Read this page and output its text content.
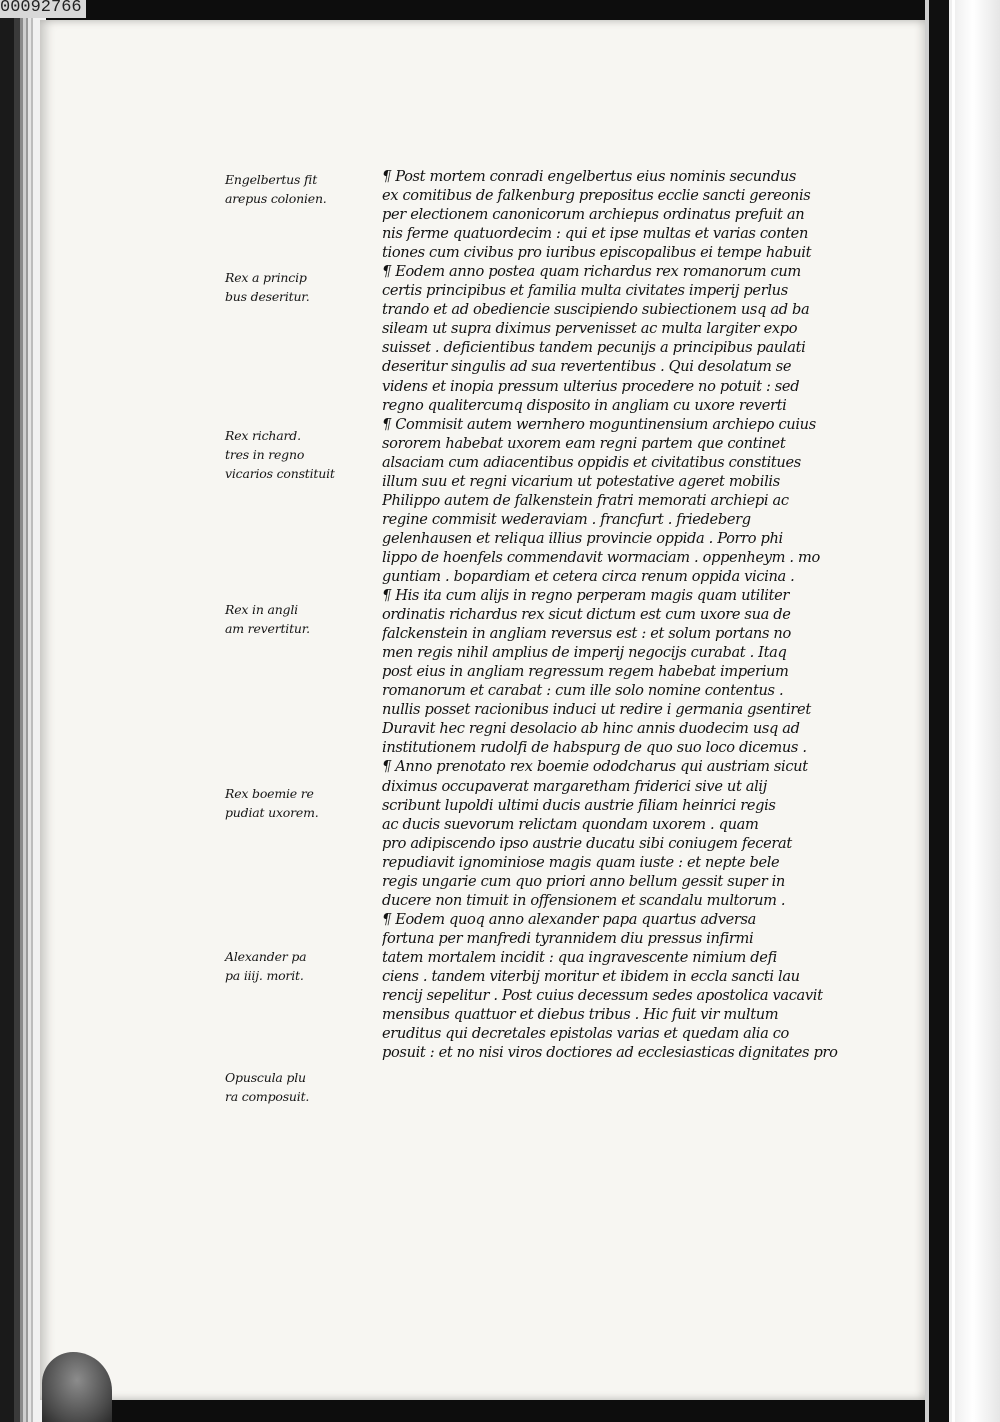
00092766
Engelbertus fit
arepus colonien.
Rex a princip
bus deseritur.
Rex richard.
tres in regno
vicarios constituit
Rex in angli
am revertitur.
Rex boemie re
pudiat uxorem.
Alexander pa
pa iiij. morit.
Opuscula plu
ra composuit.
¶ Post mortem conradi engelbertus eius nominis secundus
ex comitibus de falkenburg prepositus ecclie sancti gereonis
per electionem canonicorum archiepus ordinatus prefuit an
nis ferme quatuordecim : qui et ipse multas et varias conten
tiones cum civibus pro iuribus episcopalibus ei tempe habuit
¶ Eodem anno postea quam richardus rex romanorum cum
certis principibus et familia multa civitates imperij perlus
trando et ad obediencie suscipiendo subiectionem usq ad ba
sileam ut supra diximus pervenisset ac multa largiter expo
suisset . deficientibus tandem pecunijs a principibus paulati
deseritur singulis ad sua revertentibus . Qui desolatum se
videns et inopia pressum ulterius procedere no potuit : sed
regno qualitercumq disposito in angliam cu uxore reverti
¶ Commisit autem wernhero moguntinensium archiepo cuius
sororem habebat uxorem eam regni partem que continet
alsaciam cum adiacentibus oppidis et civitatibus constitues
illum suu et regni vicarium ut potestative ageret mobilis
Philippo autem de falkenstein fratri memorati archiepi ac
regine commisit wederaviam . francfurt . friedeberg
gelenhausen et reliqua illius provincie oppida . Porro phi
lippo de hoenfels commendavit wormaciam . oppenheym . mo
guntiam . bopardiam et cetera circa renum oppida vicina .
¶ His ita cum alijs in regno perperam magis quam utiliter
ordinatis richardus rex sicut dictum est cum uxore sua de
falckenstein in angliam reversus est : et solum portans no
men regis nihil amplius de imperij negocijs curabat . Itaq
post eius in angliam regressum regem habebat imperium
romanorum et carabat : cum ille solo nomine contentus .
nullis posset racionibus induci ut redire i germania gsentiret
Duravit hec regni desolacio ab hinc annis duodecim usq ad
institutionem rudolfi de habspurg de quo suo loco dicemus .
¶ Anno prenotato rex boemie ododcharus qui austriam sicut
diximus occupaverat margaretham friderici sive ut alij
scribunt lupoldi ultimi ducis austrie filiam heinrici regis
ac ducis suevorum relictam quondam uxorem . quam
pro adipiscendo ipso austrie ducatu sibi coniugem fecerat
repudiavit ignominiose magis quam iuste : et nepte bele
regis ungarie cum quo priori anno bellum gessit super in
ducere non timuit in offensionem et scandalu multorum .
¶ Eodem quoq anno alexander papa quartus adversa
fortuna per manfredi tyrannidem diu pressus infirmi
tatem mortalem incidit : qua ingravescente nimium defi
ciens . tandem viterbij moritur et ibidem in eccla sancti lau
rencij sepelitur . Post cuius decessum sedes apostolica vacavit
mensibus quattuor et diebus tribus . Hic fuit vir multum
eruditus qui decretales epistolas varias et quedam alia co
posuit : et no nisi viros doctiores ad ecclesiasticas dignitates pro
